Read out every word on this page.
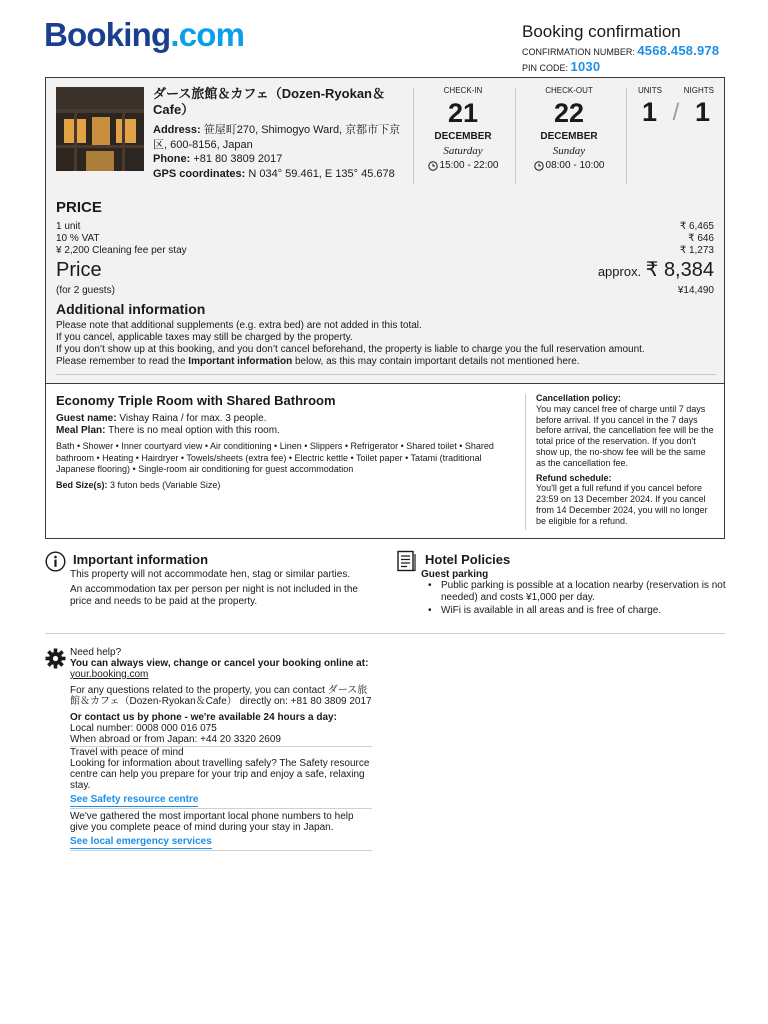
Booking.com	Booking confirmation
CONFIRMATION NUMBER: 4568.458.978
PIN CODE: 1030
ダース旅館＆カフェ（Dozen-Ryokan＆Cafe）
Address: 笹屋町270, Shimogyo Ward, 京都市下京区, 600-8156, Japan
Phone: +81 80 3809 2017
GPS coordinates: N 034° 59.461, E 135° 45.678
CHECK-IN
21
DECEMBER
Saturday
15:00 - 22:00
CHECK-OUT
22
DECEMBER
Sunday
08:00 - 10:00
UNITS	NIGHTS
1 / 1
PRICE
1 unit	₹ 6,465
10 % VAT	₹ 646
¥ 2,200 Cleaning fee per stay	₹ 1,273
Price	approx. ₹ 8,384
(for 2 guests)	¥14,490
Additional information
Please note that additional supplements (e.g. extra bed) are not added in this total.
If you cancel, applicable taxes may still be charged by the property.
If you don’t show up at this booking, and you don’t cancel beforehand, the property is liable to charge you the full reservation amount.
Please remember to read the Important information below, as this may contain important details not mentioned here.
Economy Triple Room with Shared Bathroom
Guest name: Vishay Raina / for max. 3 people.
Meal Plan: There is no meal option with this room.
Bath • Shower • Inner courtyard view • Air conditioning • Linen • Slippers • Refrigerator • Shared toilet • Shared bathroom • Heating • Hairdryer • Towels/sheets (extra fee) • Electric kettle • Toilet paper • Tatami (traditional Japanese flooring) • Single-room air conditioning for guest accommodation
Bed Size(s): 3 futon beds (Variable Size)
Cancellation policy:
You may cancel free of charge until 7 days before arrival. If you cancel in the 7 days before arrival, the cancellation fee will be the total price of the reservation. If you don't show up, the no-show fee will be the same as the cancellation fee.
Refund schedule:
You'll get a full refund if you cancel before 23:59 on 13 December 2024. If you cancel from 14 December 2024, you will no longer be eligible for a refund.
Important information

This property will not accommodate hen, stag or similar parties.

An accommodation tax per person per night is not included in the price and needs to be paid at the property.

Hotel Policies
Guest parking
• Public parking is possible at a location nearby (reservation is not needed) and costs ¥1,000 per day.
• WiFi is available in all areas and is free of charge.
Need help?
You can always view, change or cancel your booking online at:
your.booking.com
For any questions related to the property, you can contact ダース旅館＆カフェ（Dozen-Ryokan＆Cafe） directly on: +81 80 3809 2017
Or contact us by phone - we're available 24 hours a day:
Local number: 0008 000 016 075
When abroad or from Japan: +44 20 3320 2609
Travel with peace of mind
Looking for information about travelling safely? The Safety resource centre can help you prepare for your trip and enjoy a safe, relaxing stay.
See Safety resource centre
We've gathered the most important local phone numbers to help give you complete peace of mind during your stay in Japan.
See local emergency services
